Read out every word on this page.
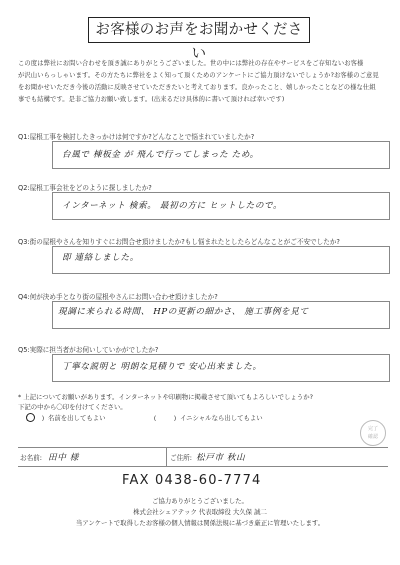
お客様のお声をお聞かせください
この度は弊社にお問い合わせを頂き誠にありがとうございました。世の中には弊社の存在やサービスをご存知ないお客様
が沢山いらっしゃいます。その方たちに弊社をよく知って頂くためのアンケートにご協力頂けないでしょうか?お客様のご意見
をお聞かせいただき今後の活動に反映させていただきたいと考えております。良かったこと、嬉しかったことなどの様な仕組
事でも結構です。是非ご協力お願い致します。(出来るだけ具体的に書いて頂ければ幸いです)
Q1:屋根工事を検討したきっかけは何ですか?どんなことで悩まれていましたか?
台風で 棟板金 が 飛んで行ってしまった ため。
Q2:屋根工事会社をどのように探しましたか?
インターネット 検索。 最初の方に ヒットしたので。
Q3:街の屋根やさんを知りすぐにお問合せ頂けましたか?もし悩まれたとしたらどんなことがご不安でしたか?
即 連絡しました。
Q4:何が決め手となり街の屋根やさんにお問い合わせ頂けましたか?
現調に来られる時間、 HPの更新の細かさ、 施工事例を見て
Q5:実際に担当者がお伺いしていかがでしたか?
丁寧な説明と 明朗な見積りで 安心出来ました。
* 上記についてお願いがあります。インターネットや印刷物に掲載させて頂いてもよろしいでしょうか?
下記の中から〇印を付けてください。
( ) 名前を出してもよい	(	) イニシャルなら出してもよい
完了
確認
お名前: 田中 様	ご住所: 松戸市 秋山
FAX 0438-60-7774
ご協力ありがとうございました。
株式会社シェアテック 代表取締役 大久保 誠二
当アンケートで取得したお客様の個人情報は関係法規に基づき厳正に管理いたします。
